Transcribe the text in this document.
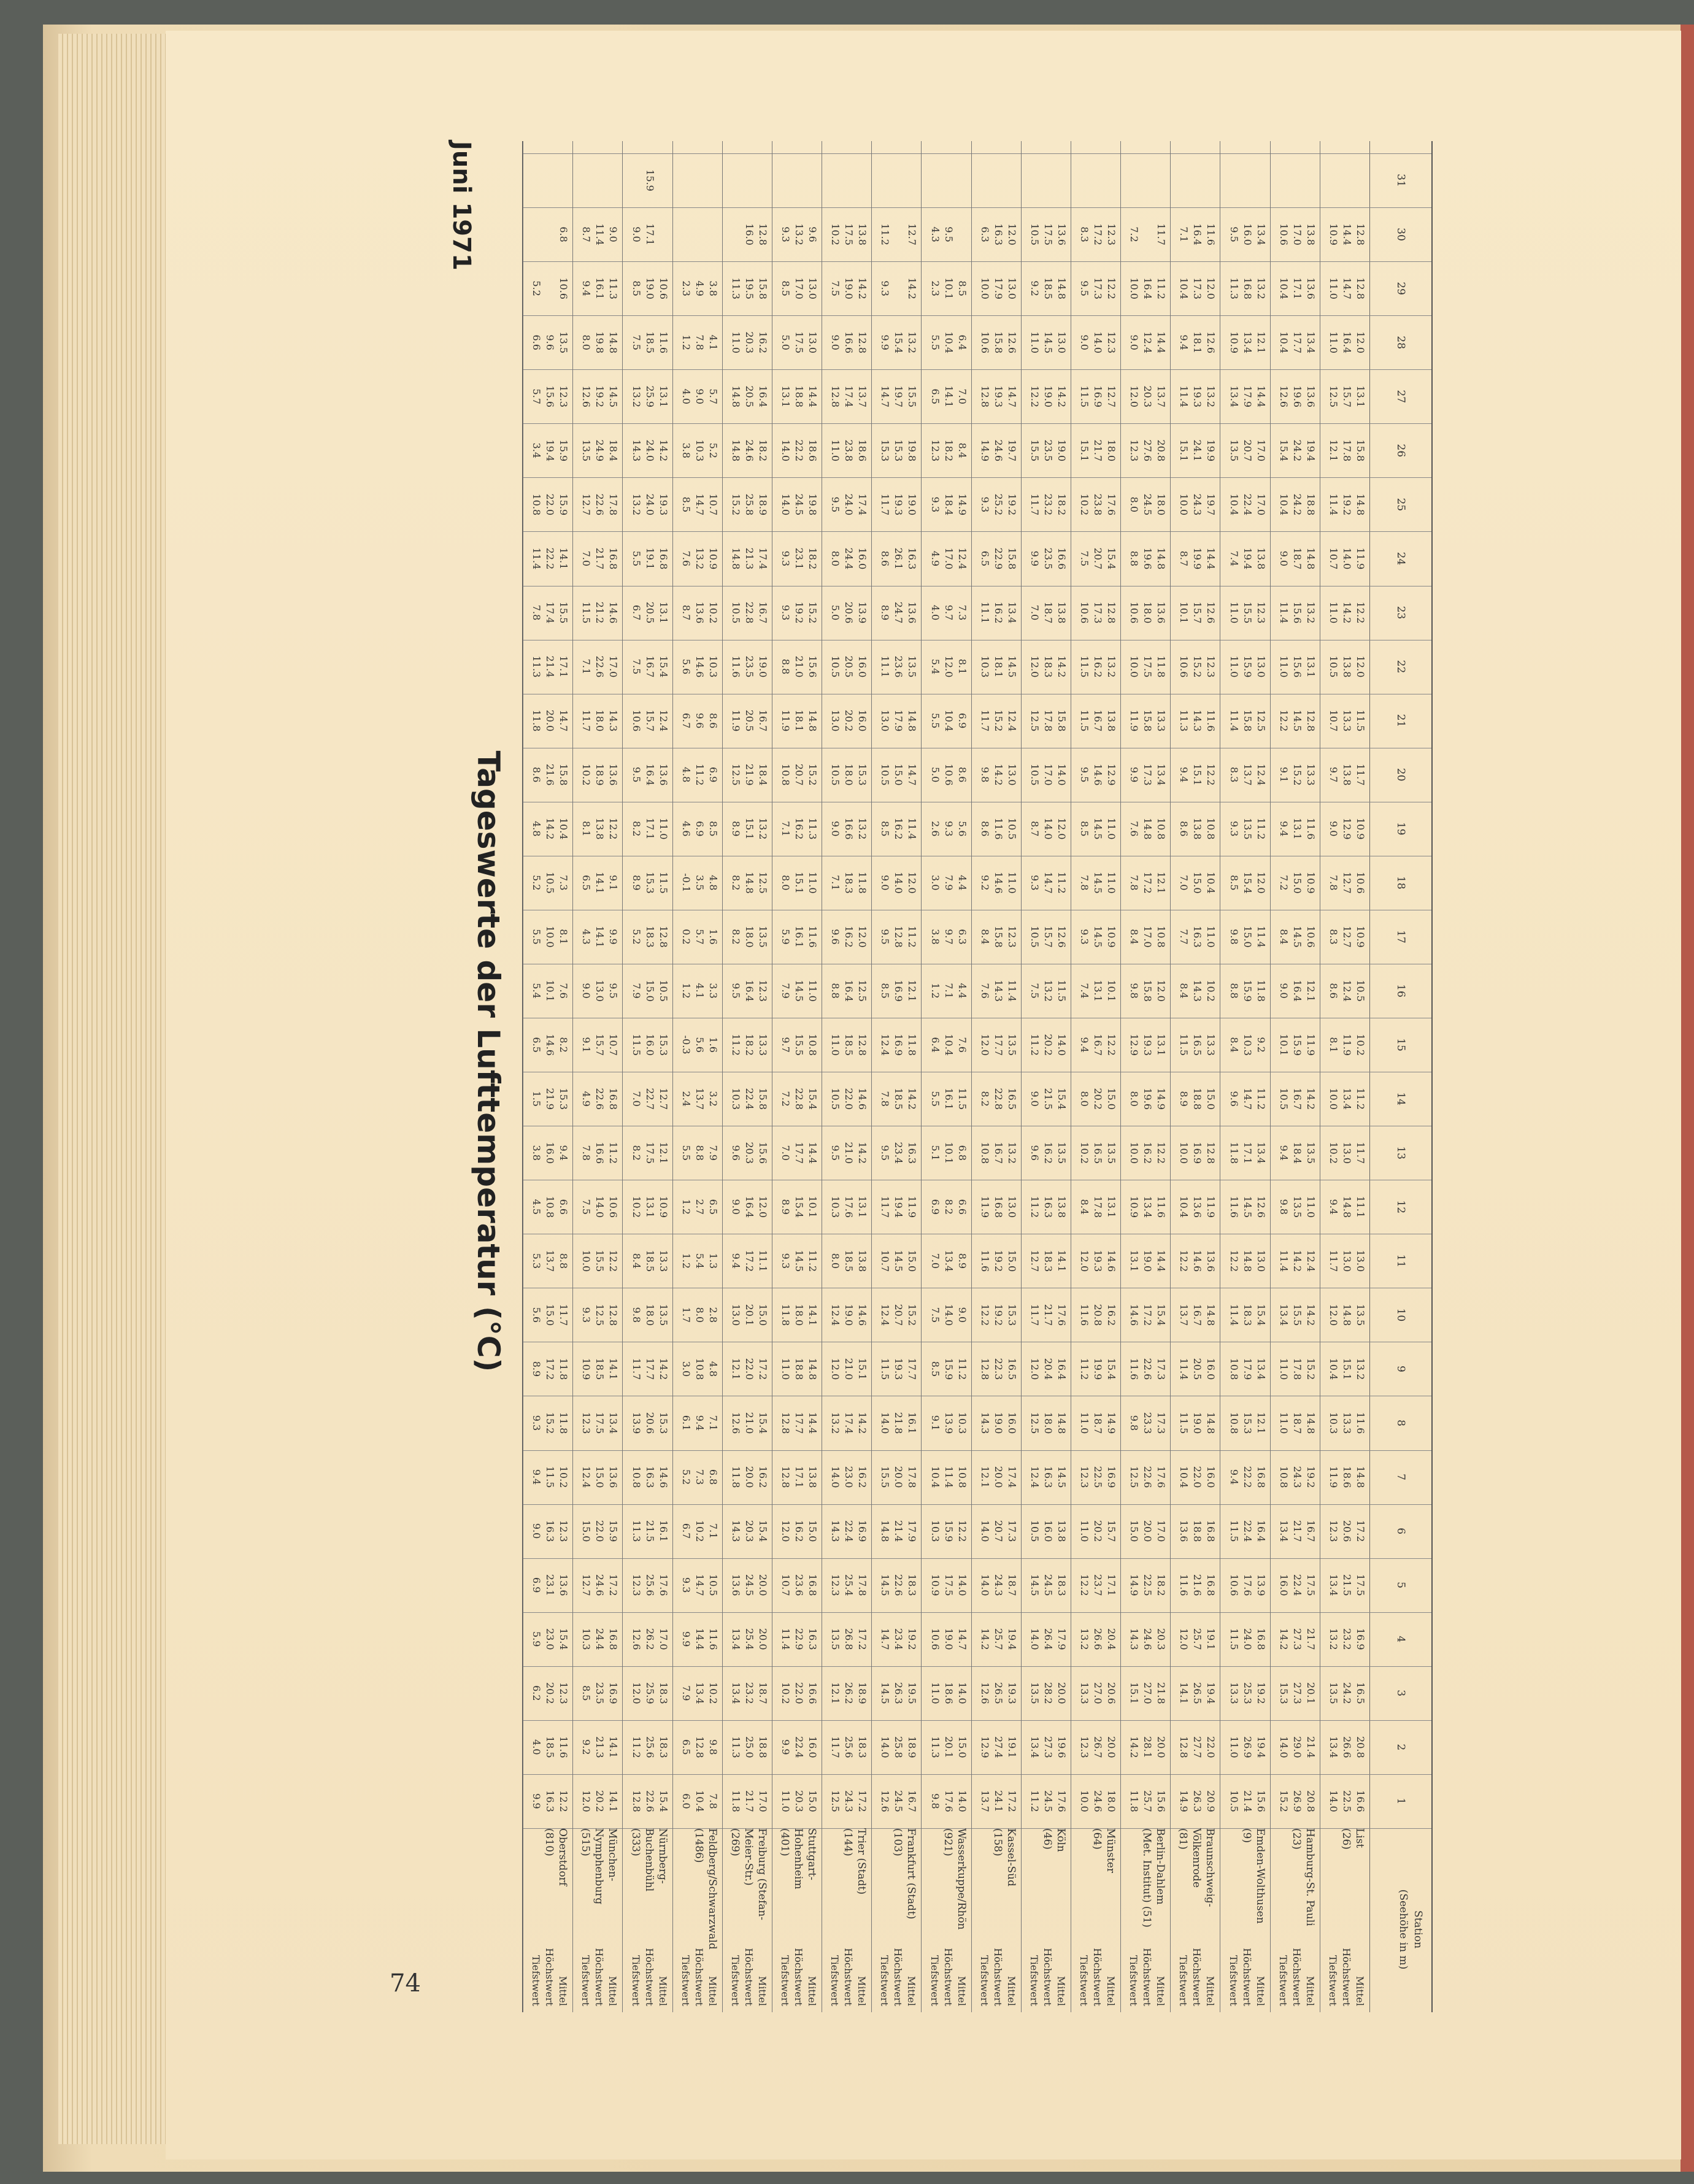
Tageswerte der Lufttemperatur (°C)
Juni 1971
74
Station
(Seehöhe in m)
1
2
3
4
5
6
7
8
9
10
11
12
13
14
15
16
17
18
19
20
21
22
23
24
25
26
27
28
29
30
31
List
(26)
Mittel
Höchstwert
Tiefstwert
16.6
20.8
16.5
16.9
17.5
17.2
14.8
11.6
13.2
13.5
13.0
11.1
11.7
11.2
10.2
10.5
10.9
10.6
10.9
11.7
11.5
12.0
12.2
11.9
14.8
15.8
13.1
12.0
12.8
12.8
22.5
26.6
24.2
23.2
21.5
20.6
18.6
13.3
15.1
14.8
13.0
14.8
13.0
13.4
11.9
12.4
12.7
12.7
12.9
13.8
13.3
13.8
14.2
14.0
19.2
17.8
15.7
16.4
14.7
14.4
14.0
13.4
13.5
13.2
13.4
12.3
11.9
10.3
10.4
12.0
11.7
9.4
10.2
10.0
8.1
8.6
8.3
7.8
9.0
9.7
10.7
10.5
11.0
10.7
11.4
12.1
12.5
11.0
11.0
10.9
Hamburg-St. Pauli
(23)
Mittel
Höchstwert
Tiefstwert
20.8
21.4
20.1
21.7
17.5
16.7
19.2
14.8
15.2
14.2
12.4
11.0
13.5
14.2
11.9
12.1
10.6
10.9
11.6
13.3
12.8
13.1
13.2
14.8
18.8
19.4
13.6
13.4
13.6
13.8
26.9
29.0
27.3
27.3
22.4
21.7
24.3
18.7
17.8
15.5
14.2
13.5
18.4
16.7
15.9
16.4
14.5
15.0
13.1
15.2
14.5
15.6
15.6
18.7
24.2
24.2
19.6
17.7
17.1
17.0
15.2
14.0
15.3
14.2
16.0
13.4
10.8
11.0
11.0
13.4
11.4
9.8
9.4
10.5
10.1
9.0
8.4
7.2
9.4
9.1
12.2
11.0
11.4
9.0
10.4
15.4
12.6
10.4
10.4
10.6
Emden-Wolthusen
(9)
Mittel
Höchstwert
Tiefstwert
15.6
19.4
19.2
16.8
13.9
16.4
16.8
12.1
13.4
15.4
13.0
12.6
13.4
11.2
9.2
11.8
11.4
12.0
11.2
12.4
12.5
13.0
12.3
13.8
17.0
17.0
14.4
12.1
13.2
13.4
21.4
26.9
25.3
24.0
17.6
22.4
22.2
15.3
17.9
18.3
14.8
14.5
17.1
14.7
10.3
15.9
15.0
15.4
13.5
13.7
15.8
15.9
15.5
19.4
22.4
20.7
17.9
13.4
16.8
16.0
10.5
11.0
13.3
11.5
10.6
11.5
9.4
10.8
10.8
11.4
12.2
11.6
11.8
9.6
8.4
8.8
9.8
8.5
9.3
8.3
11.4
11.0
11.0
7.4
10.4
13.5
13.4
10.9
11.3
9.5
Braunschweig-Völkenrode
(81)
Mittel
Höchstwert
Tiefstwert
20.9
22.0
19.4
19.1
16.8
16.8
16.0
14.8
16.0
14.8
13.6
11.9
12.8
15.0
13.3
10.2
11.0
10.4
10.8
12.2
11.6
12.3
12.6
14.4
19.7
19.9
13.2
12.6
12.0
11.6
26.3
27.7
26.5
25.7
21.6
18.8
22.0
19.0
20.5
16.7
14.6
13.6
16.9
18.8
16.5
14.3
16.3
15.0
13.8
15.1
14.3
15.2
15.7
19.9
24.3
24.1
19.3
18.1
17.3
16.4
14.9
12.8
14.1
12.0
11.6
13.6
10.4
11.5
11.4
13.7
12.2
10.4
10.0
8.9
11.5
8.4
7.7
7.0
8.6
9.4
11.3
10.6
10.1
8.7
10.0
15.1
11.4
9.4
10.4
7.1
Berlin-Dahlem
(Met. Institut) (51)
Mittel
Höchstwert
Tiefstwert
15.6
20.0
21.8
20.3
18.2
17.0
17.6
17.3
17.3
15.4
14.4
11.6
12.2
14.9
13.1
12.0
10.8
12.1
10.8
13.4
13.3
11.8
13.6
14.8
18.0
20.8
13.7
14.4
11.2
11.7
25.7
28.1
27.0
24.6
22.5
20.0
22.6
23.3
22.6
17.2
19.0
13.4
16.2
19.6
19.3
15.8
17.0
17.2
14.8
17.3
15.8
17.5
18.0
19.6
24.5
27.6
20.3
12.4
16.4
11.8
14.2
15.1
14.3
14.9
15.0
12.5
9.8
11.6
14.6
13.1
10.9
10.0
8.0
12.9
9.8
8.4
7.8
7.6
9.9
11.9
10.0
10.6
8.8
8.0
12.3
12.0
9.0
10.0
7.2
Münster
(64)
Mittel
Höchstwert
Tiefstwert
18.0
20.0
20.6
20.4
17.1
15.7
16.9
14.9
15.4
16.2
14.6
13.1
13.5
15.0
12.2
10.1
10.9
11.0
11.0
12.9
13.8
13.2
12.8
15.4
17.6
18.0
12.7
12.3
12.2
12.3
24.6
26.7
27.0
26.6
23.7
20.2
22.5
18.7
19.9
20.8
19.3
17.8
16.5
20.2
16.7
13.1
14.5
14.5
14.5
14.6
16.7
16.2
17.3
20.7
23.8
21.7
16.9
14.0
17.3
17.2
10.0
12.3
13.3
13.2
12.2
11.0
12.3
11.0
11.2
11.6
12.0
8.4
10.2
8.0
9.4
7.4
9.3
7.8
8.5
9.5
11.5
11.5
10.6
7.5
10.2
15.1
11.5
9.0
9.5
8.3
Köln
(46)
Mittel
Höchstwert
Tiefstwert
17.6
19.6
20.0
17.9
18.3
13.8
14.5
14.8
16.4
17.6
14.1
13.8
13.5
15.4
14.0
11.5
12.6
11.2
12.0
14.0
15.8
14.2
13.8
16.6
18.2
19.0
14.2
13.0
14.8
13.6
24.5
27.3
28.2
26.4
24.5
16.0
16.3
18.0
20.4
21.7
18.3
16.3
16.2
21.5
20.2
13.2
15.7
14.7
14.0
17.0
17.8
18.3
18.7
23.5
23.2
23.5
19.0
14.5
18.5
17.5
11.2
13.4
13.5
14.0
14.5
10.5
12.4
12.5
12.0
11.7
12.7
11.2
9.6
9.0
11.2
7.5
10.5
9.3
8.7
10.5
12.5
12.0
7.0
9.9
11.7
15.5
12.2
11.0
9.2
10.5
Kassel-Süd
(158)
Mittel
Höchstwert
Tiefstwert
17.2
19.1
19.3
19.4
18.7
17.3
17.4
16.0
16.5
15.3
15.0
13.0
13.2
16.5
13.5
11.4
12.3
11.0
10.5
13.0
12.4
14.5
13.4
15.8
19.2
19.7
14.7
12.6
13.0
12.0
24.1
27.4
26.5
25.7
24.3
20.7
20.0
19.0
22.3
19.2
19.2
16.8
16.7
22.8
17.7
14.3
15.8
14.6
11.6
14.2
15.2
18.1
16.2
22.9
25.2
24.6
19.3
15.8
17.9
16.3
13.7
12.9
12.6
14.2
14.0
14.0
12.1
14.3
12.8
12.2
11.6
11.9
10.8
8.2
12.0
7.6
8.4
9.2
8.6
9.8
11.7
10.3
11.1
6.5
9.3
14.9
12.8
10.6
10.0
6.3
Wasserkuppe/Rhön
(921)
Mittel
Höchstwert
Tiefstwert
14.0
15.0
14.0
14.7
14.0
12.2
10.8
10.3
11.2
9.0
8.9
6.6
6.8
11.5
7.6
4.4
6.3
4.4
5.6
8.6
6.9
8.1
7.3
12.4
14.9
8.4
7.0
6.4
8.5
17.6
20.1
18.6
19.0
17.5
15.9
11.4
13.9
15.9
14.0
13.4
8.2
10.1
16.1
10.4
7.1
9.7
7.9
9.3
10.6
10.4
12.0
9.7
17.0
18.4
18.2
14.1
10.4
10.1
9.5
9.8
11.3
11.0
10.6
10.9
10.3
10.4
9.1
8.5
7.5
7.0
6.9
5.1
5.5
6.4
1.2
3.8
3.0
2.6
5.0
5.5
5.4
4.0
4.9
9.3
12.3
6.5
5.5
2.3
4.3
Frankfurt (Stadt)
(103)
Mittel
Höchstwert
Tiefstwert
16.7
18.9
19.5
19.2
18.3
17.9
17.8
16.1
17.7
15.2
15.0
11.9
16.3
14.2
11.8
12.1
11.2
12.0
11.4
14.7
14.8
13.5
13.6
16.3
19.0
19.8
15.5
13.2
14.2
12.7
24.5
25.8
26.3
23.4
22.6
21.4
20.0
21.8
19.3
20.7
14.5
19.4
23.4
18.5
16.9
16.9
12.8
14.0
16.2
15.0
17.9
23.6
24.7
26.1
19.3
15.3
19.7
15.4
12.6
14.0
14.5
14.7
14.5
14.8
15.5
14.0
11.5
12.4
10.7
11.7
9.5
7.8
12.4
8.5
9.5
9.0
8.5
10.5
13.0
11.1
8.9
8.6
11.7
15.3
14.7
9.9
9.3
11.2
Trier (Stadt)
(144)
Mittel
Höchstwert
Tiefstwert
17.2
18.3
18.9
17.2
17.8
16.9
16.2
14.2
15.1
14.6
13.8
13.1
14.2
14.6
12.8
12.5
12.0
11.8
13.2
15.3
16.0
16.0
13.9
16.0
17.4
18.6
13.7
12.8
14.2
13.8
24.3
25.6
26.2
26.8
25.4
22.4
23.0
17.4
21.0
19.0
18.5
17.6
21.0
22.0
18.5
16.4
16.2
18.3
16.6
18.0
20.2
20.5
20.6
24.4
24.0
23.8
17.4
16.6
19.0
17.5
12.5
11.7
12.1
13.5
12.3
14.3
14.0
13.2
12.0
12.4
8.0
10.3
9.5
10.5
11.0
8.8
9.6
7.1
9.0
10.5
13.0
10.5
5.0
8.0
9.5
11.0
12.8
9.0
7.5
10.2
Stuttgart-Hohenheim
(401)
Mittel
Höchstwert
Tiefstwert
15.0
16.0
16.6
16.3
16.8
15.0
13.8
14.4
14.8
14.1
11.2
10.1
14.4
15.4
10.8
11.0
11.6
11.0
11.3
15.2
14.8
15.6
15.2
18.2
19.8
18.6
14.4
13.0
13.0
9.6
20.3
22.4
22.0
22.9
23.6
16.2
17.1
17.7
18.8
18.0
14.5
15.4
17.7
22.8
15.5
14.5
16.1
15.1
16.2
20.7
18.1
21.0
19.2
23.1
24.5
22.2
18.8
17.5
17.0
13.2
11.0
9.9
10.2
11.4
10.7
12.0
12.8
12.8
11.0
11.8
9.3
8.9
7.0
7.2
9.7
7.9
5.9
8.0
7.1
10.8
11.9
8.8
9.3
9.3
14.0
14.0
13.1
5.0
8.5
9.3
Freiburg (Stefan-Meier-Str.)
(269)
Mittel
Höchstwert
Tiefstwert
17.0
18.8
18.7
20.0
20.0
15.4
16.2
15.4
17.2
15.0
11.1
12.0
15.6
15.8
13.3
12.3
13.5
12.5
13.2
18.4
16.7
19.0
16.7
17.4
18.9
18.2
16.4
16.2
15.8
12.8
21.7
25.0
23.2
25.4
24.5
20.3
20.0
21.0
22.0
20.1
17.2
16.4
20.3
22.4
18.2
16.4
18.0
14.8
15.1
21.9
20.5
23.5
22.8
21.3
25.8
24.6
20.5
20.3
19.5
16.0
11.8
11.3
13.4
13.4
13.6
14.3
11.8
12.6
12.1
13.0
9.4
9.0
9.6
10.3
11.2
9.5
8.2
8.2
8.9
12.5
11.9
11.6
10.5
14.8
15.2
14.8
14.8
11.0
11.3
Feldberg/Schwarzwald
(1486)
Mittel
Höchstwert
Tiefstwert
7.8
9.8
10.2
11.6
10.5
7.1
6.8
7.1
4.8
2.8
1.3
6.5
7.9
3.2
1.6
3.3
1.6
4.8
8.5
6.9
8.6
10.3
10.2
10.9
10.7
5.2
5.7
4.1
3.8
10.4
12.8
13.4
14.4
14.7
10.2
7.3
9.4
10.8
8.0
5.4
2.7
8.8
13.7
5.6
4.1
5.7
3.5
6.9
11.2
9.6
14.6
13.6
13.2
14.7
10.3
9.0
7.8
4.9
6.0
6.5
7.9
9.9
9.3
6.7
5.2
6.1
3.0
1.7
1.2
1.2
5.5
2.4
-0.3
1.2
0.2
-0.1
4.6
4.8
6.7
5.6
8.7
7.6
8.5
3.8
4.0
1.2
2.3
Nürnberg-Buchenbühl
(333)
Mittel
Höchstwert
Tiefstwert
15.4
18.3
18.3
17.0
17.6
16.1
14.6
15.3
14.2
13.5
13.3
10.9
12.1
12.7
15.3
10.5
12.8
11.5
11.0
13.6
12.4
15.4
13.1
16.8
19.3
14.2
13.1
11.6
10.6
22.6
25.6
25.9
26.2
25.6
21.5
16.3
20.6
17.7
18.0
18.5
13.1
17.5
22.7
16.0
15.0
18.3
15.3
17.1
16.4
15.7
16.7
20.5
19.1
24.0
24.0
25.9
18.5
19.0
17.1
15.9
12.8
11.2
12.0
12.6
12.3
11.3
10.8
13.9
11.7
9.8
8.4
10.2
8.2
7.0
11.5
7.9
5.2
8.9
8.2
9.5
10.6
7.5
6.7
5.5
13.2
14.3
13.2
7.5
8.5
9.0
München-Nymphenburg
(515)
Mittel
Höchstwert
Tiefstwert
14.1
14.1
16.9
16.8
17.2
15.9
13.6
13.4
14.1
12.8
12.2
10.6
11.2
16.8
10.7
9.5
9.9
9.1
12.2
13.6
14.3
17.0
14.6
16.8
17.8
18.4
14.5
14.8
11.3
9.0
20.2
21.3
23.5
24.4
24.6
22.0
15.0
17.5
18.5
12.5
15.5
14.0
16.6
22.6
15.7
13.0
14.1
14.1
13.8
18.9
18.0
22.6
21.2
21.7
22.6
24.9
19.2
19.8
16.1
11.4
12.0
9.2
8.5
10.3
12.7
15.0
12.4
12.3
10.9
9.3
10.0
7.5
7.8
4.9
9.1
9.0
4.3
6.5
8.1
10.2
11.7
7.1
11.5
7.0
12.7
13.5
12.6
8.0
9.4
8.7
Oberstdorf
(810)
Mittel
Höchstwert
Tiefstwert
12.2
11.6
12.3
15.4
13.6
12.3
10.2
11.8
11.8
11.7
8.8
6.6
9.4
15.3
8.2
7.6
8.1
7.3
10.4
15.8
14.7
17.1
15.5
14.1
15.9
15.9
12.3
13.5
10.6
6.8
16.3
18.5
20.2
23.0
23.1
16.3
11.5
15.2
17.2
15.0
13.7
10.8
16.0
21.9
14.6
10.1
10.0
10.5
14.2
21.6
20.0
21.4
17.4
22.2
22.0
19.4
15.6
9.6
9.9
4.0
6.2
5.9
6.9
9.0
9.4
9.3
8.9
5.6
5.3
4.5
3.8
1.5
6.5
5.4
5.5
5.2
4.8
8.6
11.8
11.3
7.8
11.4
10.8
3.4
5.7
6.6
5.2
